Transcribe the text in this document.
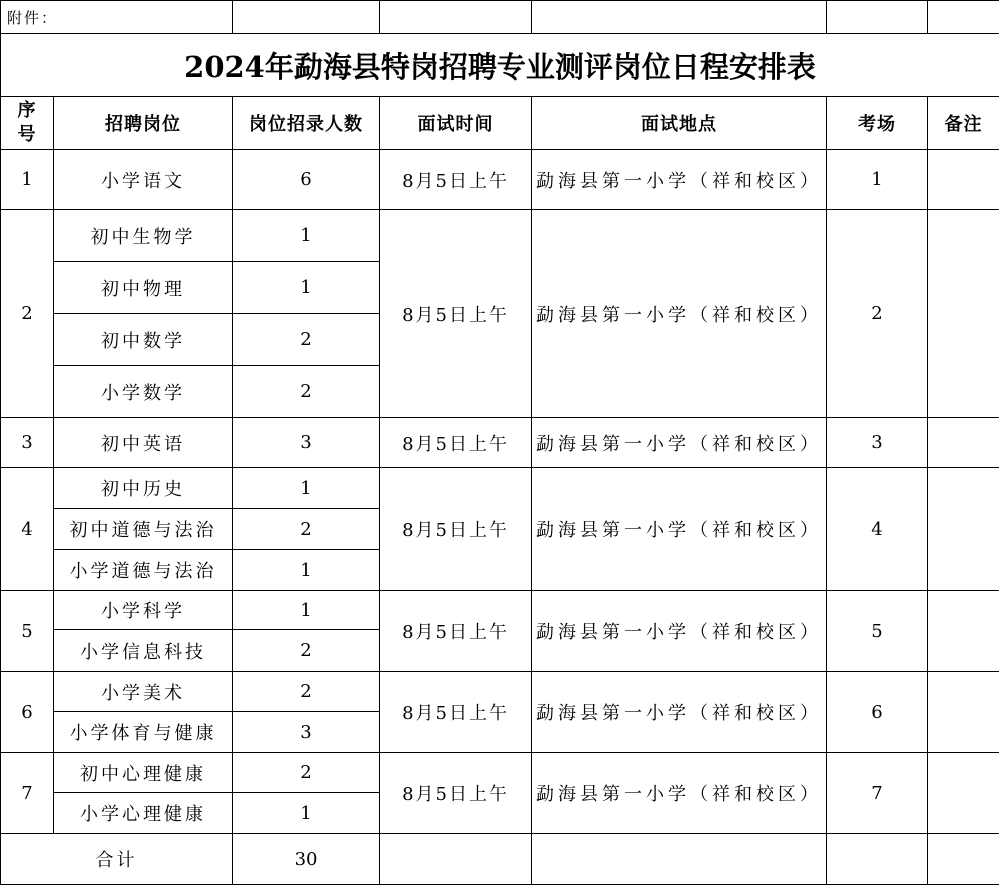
附件：						
2024年勐海县特岗招聘专业测评岗位日程安排表						

序
号	招聘岗位	岗位招录人数	面试时间	面试地点	考场	备注
1	小学语文	6	8月5日上午	勐海县第一小学（祥和校区）	1	
2	初中生物学	1	8月5日上午	勐海县第一小学（祥和校区）	2	
	初中物理	1				
	初中数学	2				
	小学数学	2				
3	初中英语	3	8月5日上午	勐海县第一小学（祥和校区）	3	
4	初中历史	1	8月5日上午	勐海县第一小学（祥和校区）	4	
	初中道德与法治	2				
	小学道德与法治	1				
5	小学科学	1	8月5日上午	勐海县第一小学（祥和校区）	5	
	小学信息科技	2				
6	小学美术	2	8月5日上午	勐海县第一小学（祥和校区）	6	
	小学体育与健康	3				
7	初中心理健康	2	8月5日上午	勐海县第一小学（祥和校区）	7	
	小学心理健康	1				
合计		30				
